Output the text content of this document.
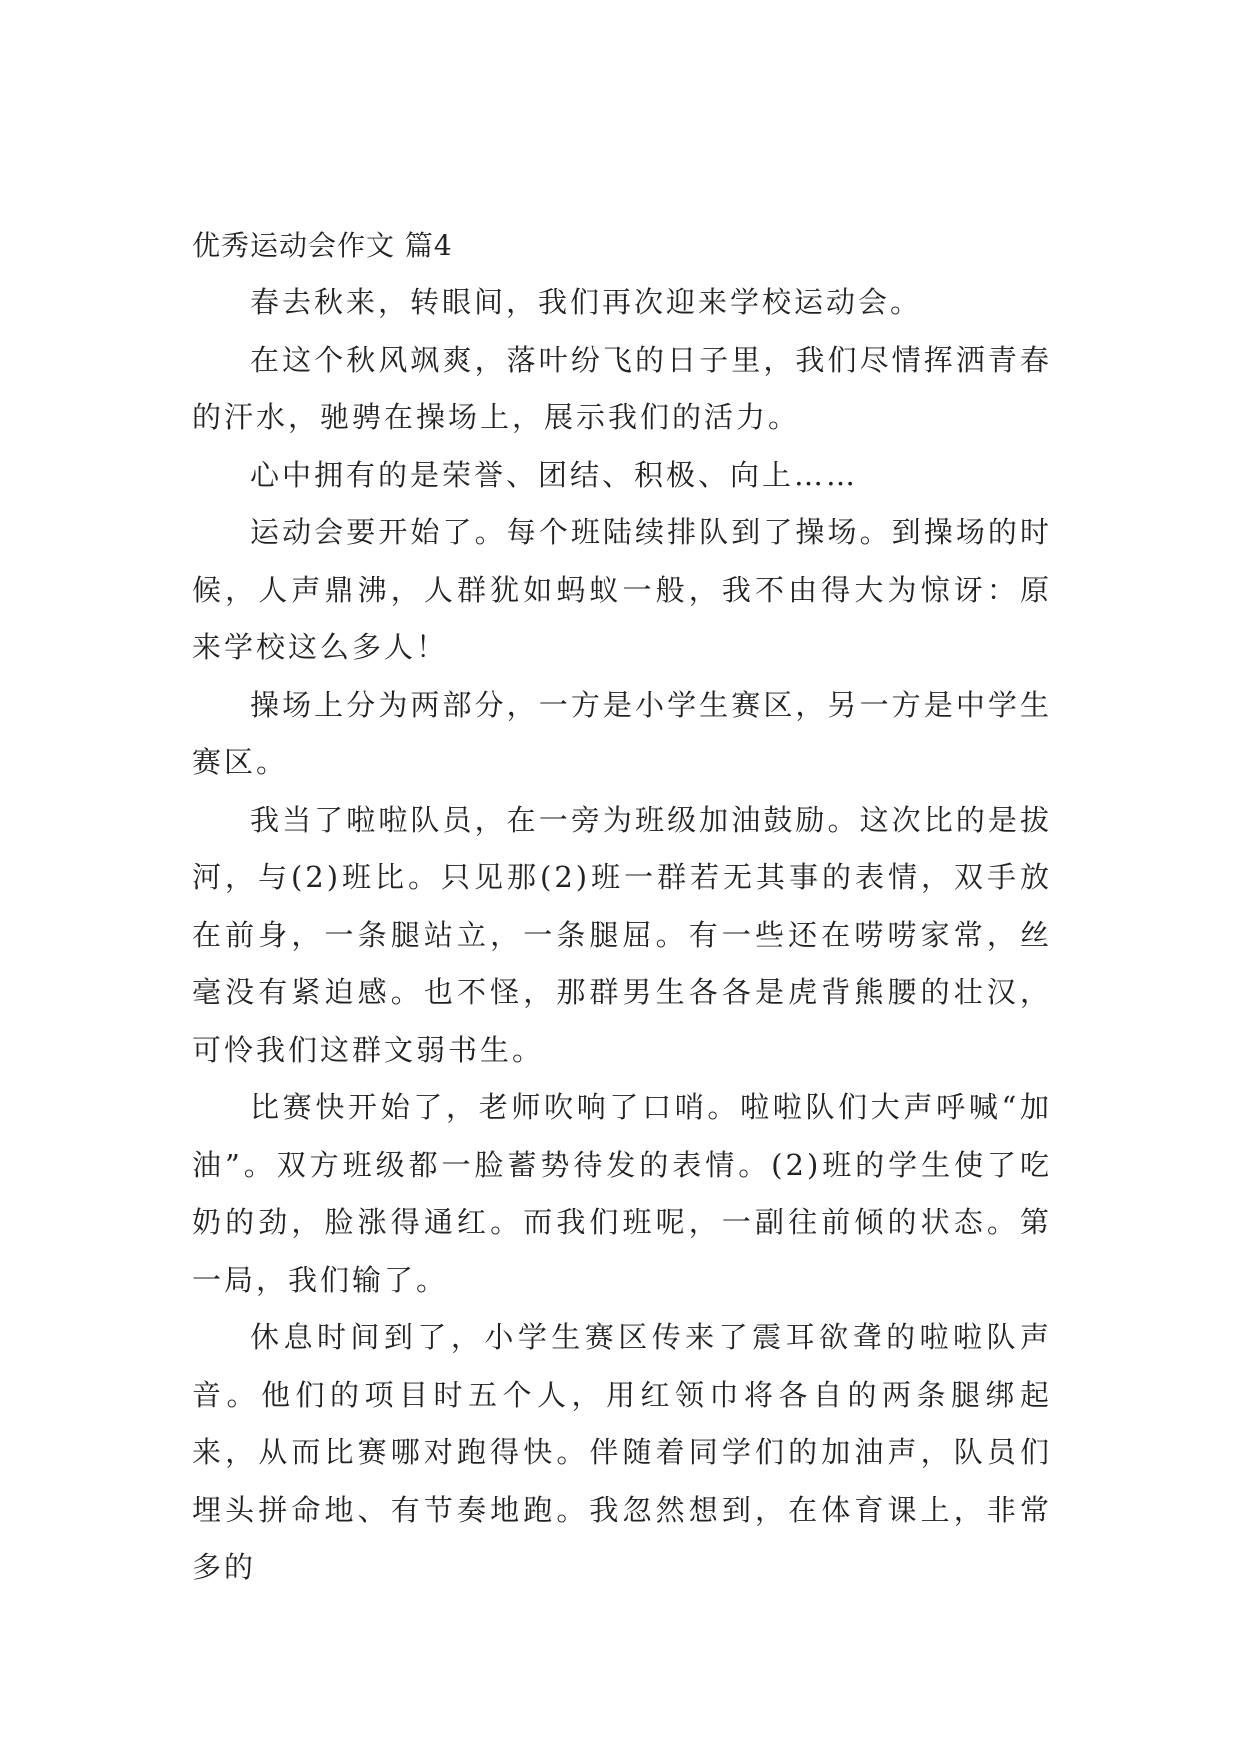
优秀运动会作文 篇4

春去秋来，转眼间，我们再次迎来学校运动会。

在这个秋风飒爽，落叶纷飞的日子里，我们尽情挥洒青春的汗水，驰骋在操场上，展示我们的活力。

心中拥有的是荣誉、团结、积极、向上……

运动会要开始了。每个班陆续排队到了操场。到操场的时候，人声鼎沸，人群犹如蚂蚁一般，我不由得大为惊讶：原来学校这么多人！

操场上分为两部分，一方是小学生赛区，另一方是中学生赛区。

我当了啦啦队员，在一旁为班级加油鼓励。这次比的是拔河，与(2)班比。只见那(2)班一群若无其事的表情，双手放在前身，一条腿站立，一条腿屈。有一些还在唠唠家常，丝毫没有紧迫感。也不怪，那群男生各各是虎背熊腰的壮汉，可怜我们这群文弱书生。

比赛快开始了，老师吹响了口哨。啦啦队们大声呼喊“加油”。双方班级都一脸蓄势待发的表情。(2)班的学生使了吃奶的劲，脸涨得通红。而我们班呢，一副往前倾的状态。第一局，我们输了。

休息时间到了，小学生赛区传来了震耳欲聋的啦啦队声音。他们的项目时五个人，用红领巾将各自的两条腿绑起来，从而比赛哪对跑得快。伴随着同学们的加油声，队员们埋头拼命地、有节奏地跑。我忽然想到，在体育课上，非常多的
